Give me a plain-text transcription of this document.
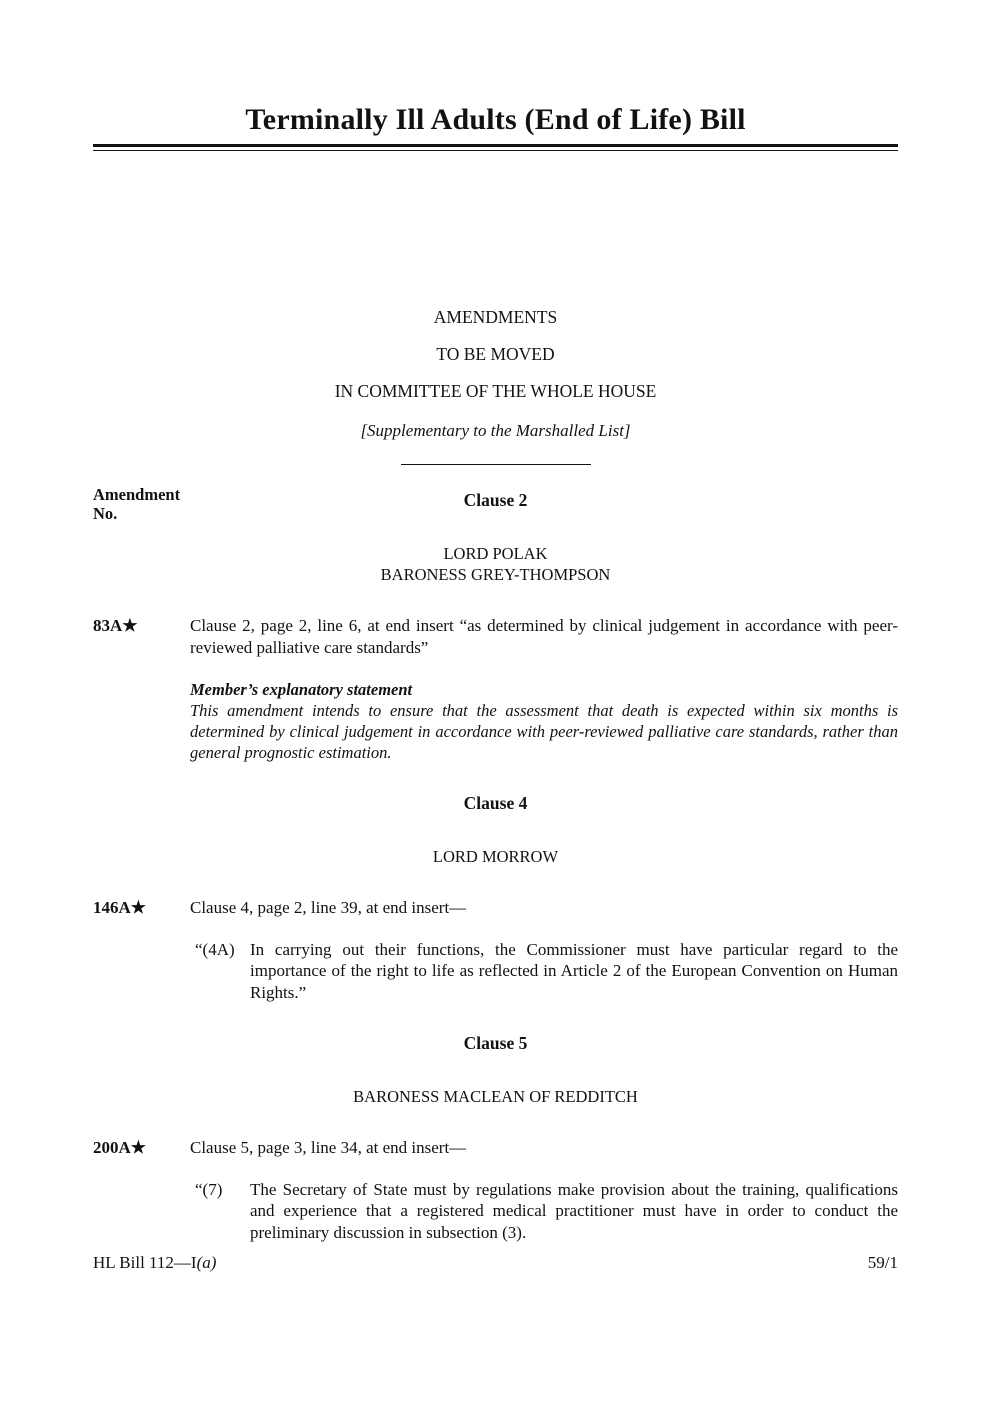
Terminally Ill Adults (End of Life) Bill

AMENDMENTS

TO BE MOVED

IN COMMITTEE OF THE WHOLE HOUSE

[Supplementary to the Marshalled List]

Amendment
No.
Clause 2
LORD POLAK
BARONESS GREY-THOMPSON
83A★	Clause 2, page 2, line 6, at end insert “as determined by clinical judgement in accordance with peer-reviewed palliative care standards”

Member’s explanatory statement

This amendment intends to ensure that the assessment that death is expected within six months is determined by clinical judgement in accordance with peer-reviewed palliative care standards, rather than general prognostic estimation.

Clause 4
LORD MORROW
146A★	Clause 4, page 2, line 39, at end insert—

“(4A) In carrying out their functions, the Commissioner must have particular regard to the importance of the right to life as reflected in Article 2 of the European Convention on Human Rights.”

Clause 5
BARONESS MACLEAN OF REDDITCH
200A★	Clause 5, page 3, line 34, at end insert—

“(7)	The Secretary of State must by regulations make provision about the training, qualifications and experience that a registered medical practitioner must have in order to conduct the preliminary discussion in subsection (3).

HL Bill 112—I(a)	59/1
